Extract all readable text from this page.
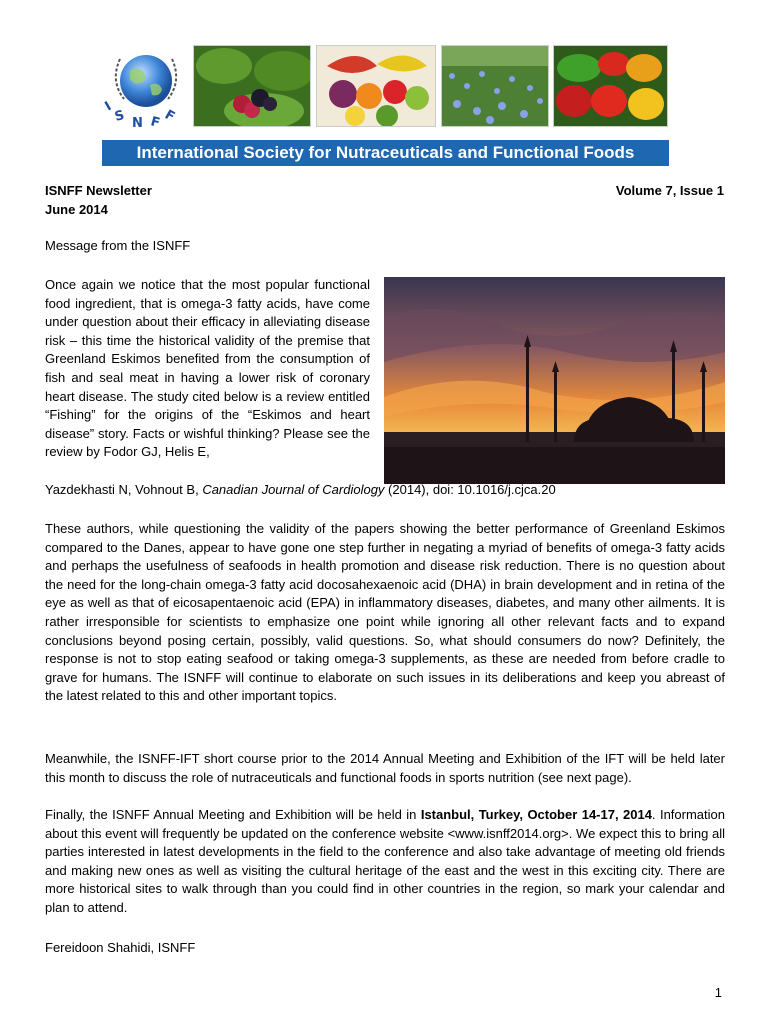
I
S N F F
International Society for Nutraceuticals and Functional Foods
ISNFF Newsletter
June 2014
Volume 7, Issue 1
Message from the ISNFF
Once again we notice that the most popular functional food ingredient, that is omega-3 fatty acids, have come under question about their efficacy in alleviating disease risk – this time the historical validity of the premise that Greenland Eskimos benefited from the consumption of fish and seal meat in having a lower risk of coronary heart disease. The study cited below is a review entitled “Fishing” for the origins of the “Eskimos and heart disease” story. Facts or wishful thinking? Please see the review by Fodor GJ, Helis E,
Yazdekhasti N, Vohnout B, Canadian Journal of Cardiology (2014), doi: 10.1016/j.cjca.20
These authors, while questioning the validity of the papers showing the better performance of Greenland Eskimos compared to the Danes, appear to have gone one step further in negating a myriad of benefits of omega-3 fatty acids and perhaps the usefulness of seafoods in health promotion and disease risk reduction. There is no question about the need for the long-chain omega-3 fatty acid docosahexaenoic acid (DHA) in brain development and in retina of the eye as well as that of eicosapentaenoic acid (EPA) in inflammatory diseases, diabetes, and many other ailments. It is rather irresponsible for scientists to emphasize one point while ignoring all other relevant facts and to expand conclusions beyond posing certain, possibly, valid questions. So, what should consumers do now? Definitely, the response is not to stop eating seafood or taking omega-3 supplements, as these are needed from before cradle to grave for humans. The ISNFF will continue to elaborate on such issues in its deliberations and keep you abreast of the latest related to this and other important topics.
Meanwhile, the ISNFF-IFT short course prior to the 2014 Annual Meeting and Exhibition of the IFT will be held later this month to discuss the role of nutraceuticals and functional foods in sports nutrition (see next page).
Finally, the ISNFF Annual Meeting and Exhibition will be held in Istanbul, Turkey, October 14-17, 2014. Information about this event will frequently be updated on the conference website <www.isnff2014.org>. We expect this to bring all parties interested in latest developments in the field to the conference and also take advantage of meeting old friends and making new ones as well as visiting the cultural heritage of the east and the west in this exciting city. There are more historical sites to walk through than you could find in other countries in the region, so mark your calendar and plan to attend.
Fereidoon Shahidi, ISNFF
1
